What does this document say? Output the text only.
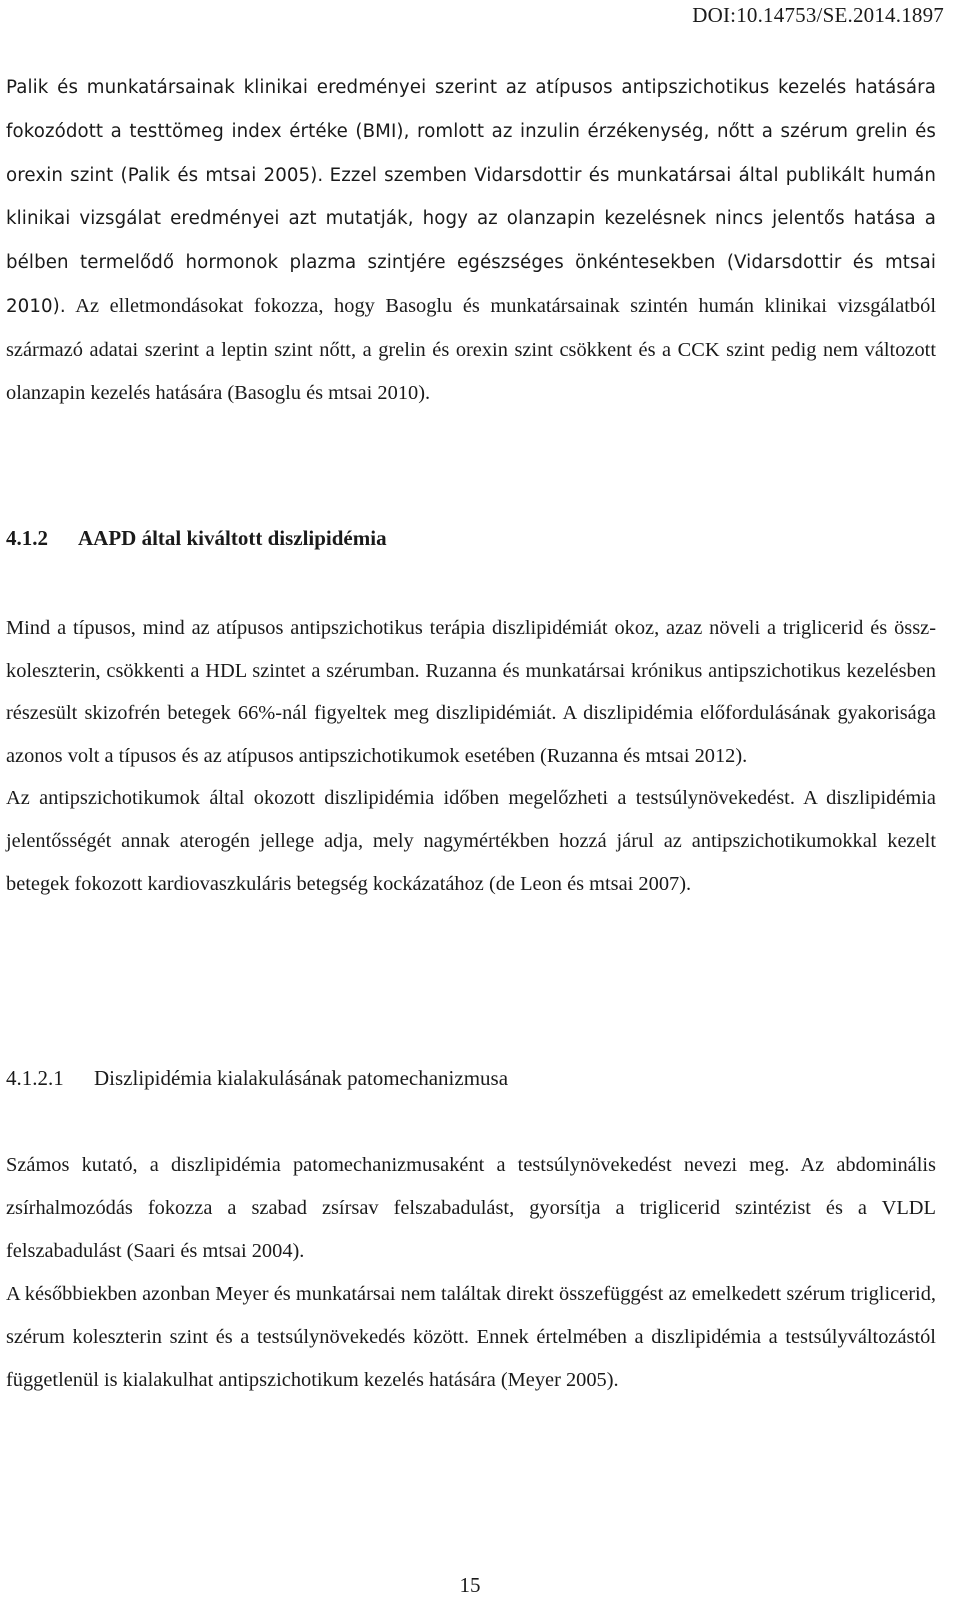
DOI:10.14753/SE.2014.1897

Palik és munkatársainak klinikai eredményei szerint az atípusos antipszichotikus kezelés hatására fokozódott a testtömeg index értéke (BMI), romlott az inzulin érzékenység, nőtt a szérum grelin és orexin szint (Palik és mtsai 2005). Ezzel szemben Vidarsdottir és munkatársai által publikált humán klinikai vizsgálat eredményei azt mutatják, hogy az olanzapin kezelésnek nincs jelentős hatása a bélben termelődő hormonok plazma szintjére egészséges önkéntesekben (Vidarsdottir és mtsai 2010). Az elletmondásokat fokozza, hogy Basoglu és munkatársainak szintén humán klinikai vizsgálatból származó adatai szerint a leptin szint nőtt, a grelin és orexin szint csökkent és a CCK szint pedig nem változott olanzapin kezelés hatására (Basoglu és mtsai 2010).

4.1.2 AAPD által kiváltott diszlipidémia

Mind a típusos, mind az atípusos antipszichotikus terápia diszlipidémiát okoz, azaz növeli a triglicerid és össz-koleszterin, csökkenti a HDL szintet a szérumban. Ruzanna és munkatársai krónikus antipszichotikus kezelésben részesült skizofrén betegek 66%-nál figyeltek meg diszlipidémiát. A diszlipidémia előfordulásának gyakorisága azonos volt a típusos és az atípusos antipszichotikumok esetében (Ruzanna és mtsai 2012).
Az antipszichotikumok által okozott diszlipidémia időben megelőzheti a testsúlynövekedést. A diszlipidémia jelentősségét annak aterogén jellege adja, mely nagymértékben hozzá járul az antipszichotikumokkal kezelt betegek fokozott kardiovaszkuláris betegség kockázatához (de Leon és mtsai 2007).

4.1.2.1 Diszlipidémia kialakulásának patomechanizmusa

Számos kutató, a diszlipidémia patomechanizmusaként a testsúlynövekedést nevezi meg. Az abdominális zsírhalmozódás fokozza a szabad zsírsav felszabadulást, gyorsítja a triglicerid szintézist és a VLDL felszabadulást (Saari és mtsai 2004).
A későbbiekben azonban Meyer és munkatársai nem találtak direkt összefüggést az emelkedett szérum triglicerid, szérum koleszterin szint és a testsúlynövekedés között. Ennek értelmében a diszlipidémia a testsúlyváltozástól függetlenül is kialakulhat antipszichotikum kezelés hatására (Meyer 2005).

15
